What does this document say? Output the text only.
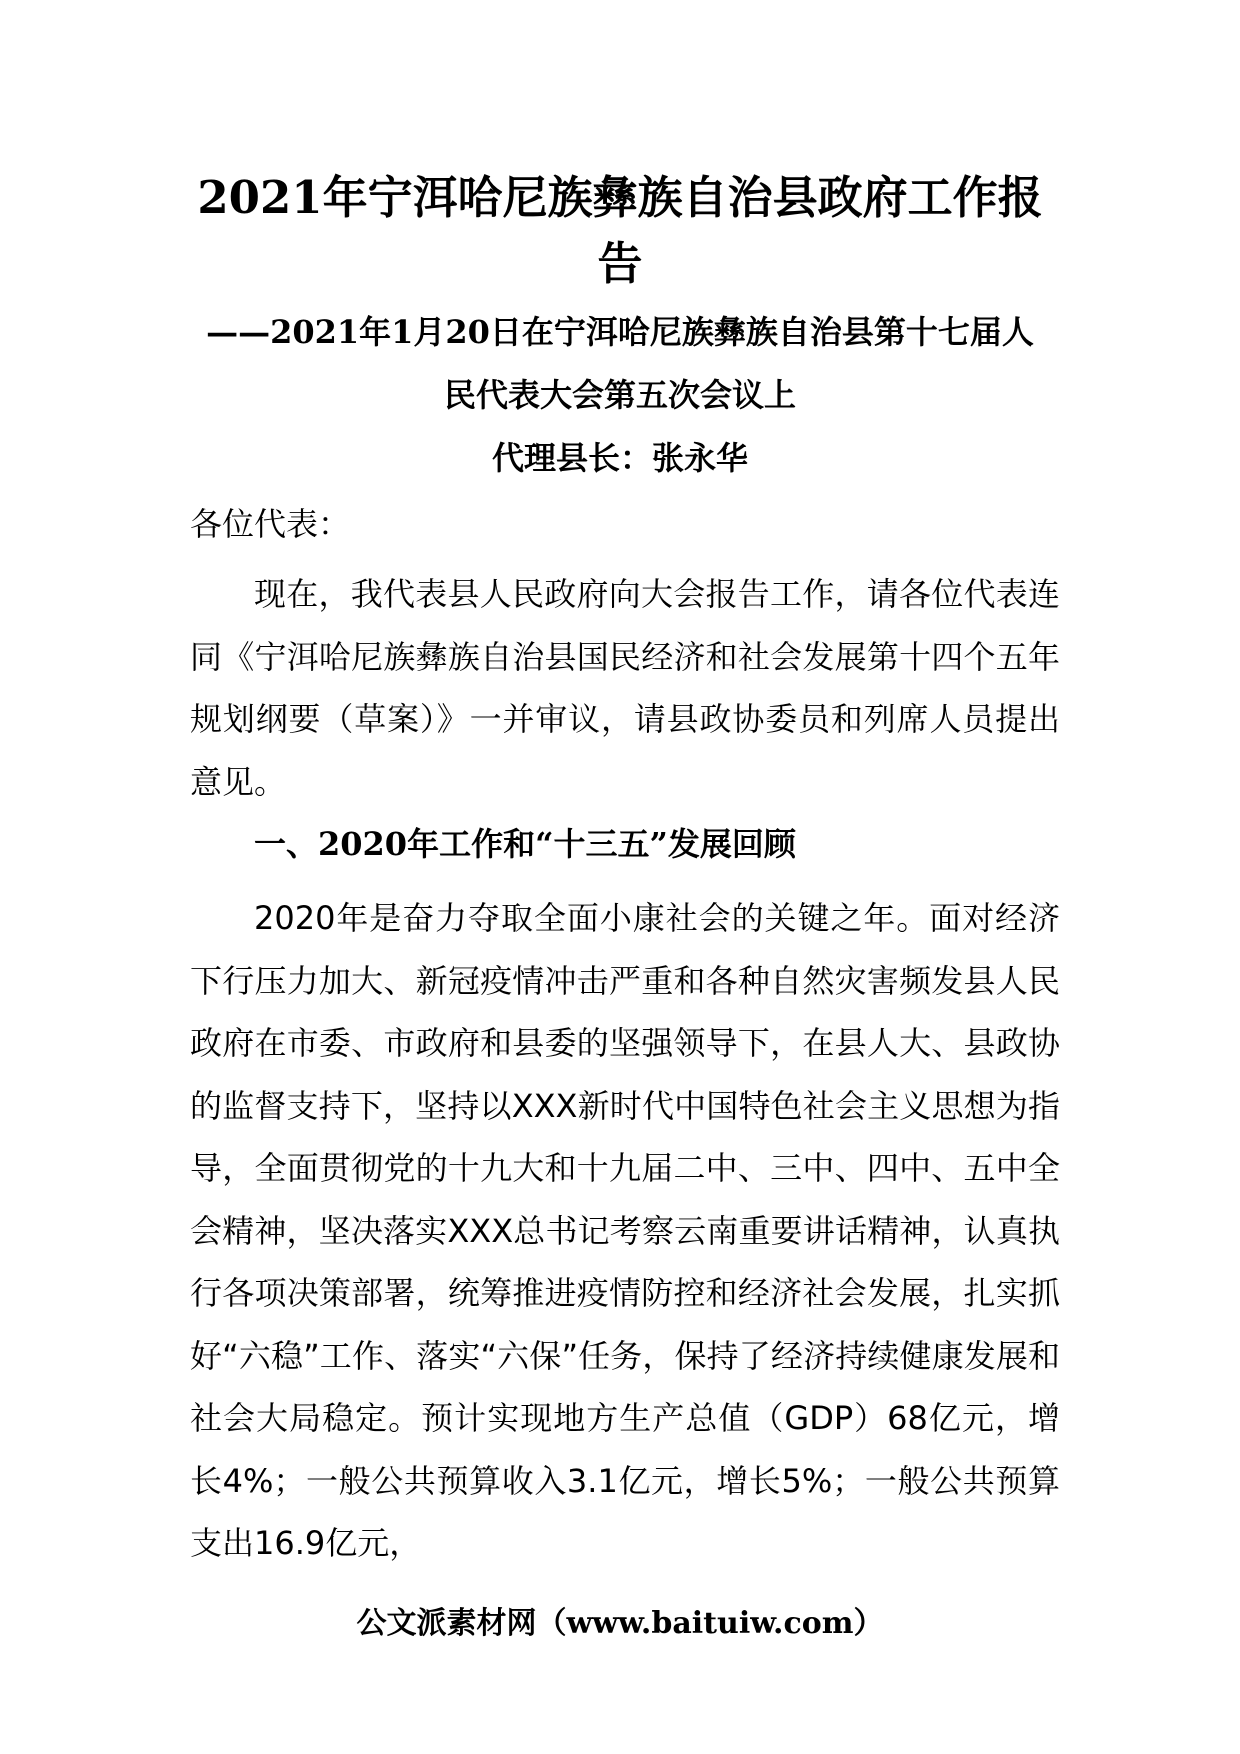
2021年宁洱哈尼族彝族自治县政府工作报
告
——2021年1月20日在宁洱哈尼族彝族自治县第十七届人
民代表大会第五次会议上
代理县长：张永华

各位代表：

现在，我代表县人民政府向大会报告工作，请各位代表连同《宁洱哈尼族彝族自治县国民经济和社会发展第十四个五年规划纲要（草案）》一并审议，请县政协委员和列席人员提出意见。

一、2020年工作和“十三五”发展回顾

2020年是奋力夺取全面小康社会的关键之年。面对经济下行压力加大、新冠疫情冲击严重和各种自然灾害频发县人民政府在市委、市政府和县委的坚强领导下，在县人大、县政协的监督支持下，坚持以XXX新时代中国特色社会主义思想为指导，全面贯彻党的十九大和十九届二中、三中、四中、五中全会精神，坚决落实XXX总书记考察云南重要讲话精神，认真执行各项决策部署，统筹推进疫情防控和经济社会发展，扎实抓好“六稳”工作、落实“六保”任务，保持了经济持续健康发展和社会大局稳定。预计实现地方生产总值（GDP）68亿元，增长4%；一般公共预算收入3.1亿元，增长5%；一般公共预算支出16.9亿元，

公文派素材网（www.baituiw.com）
